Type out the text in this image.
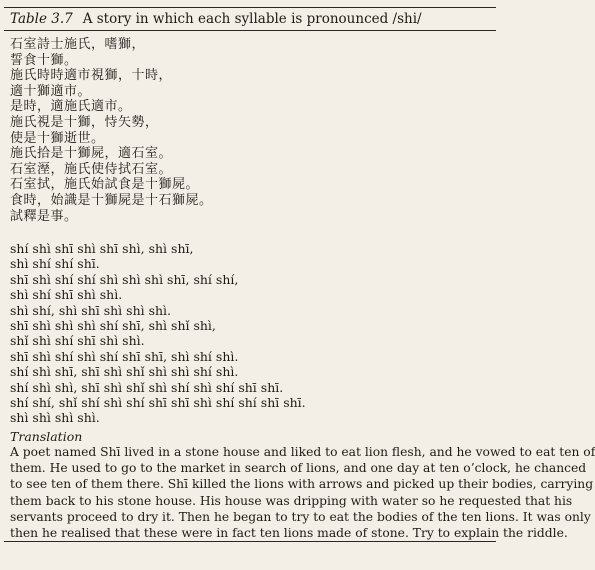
Table 3.7 A story in which each syllable is pronounced /shi/
石室詩士施氏，嗜獅，
誓食十獅。
施氏時時適市視獅，十時，
適十獅適市。
是時，適施氏適市。
施氏視是十獅，恃矢勢，
使是十獅逝世。
施氏拾是十獅屍，適石室。
石室溼，施氏使侍拭石室。
石室拭，施氏始試食是十獅屍。
食時，始識是十獅屍是十石獅屍。
試釋是事。
shí shì shī shì shī shì, shì shī,
shì shí shí shī.
shī shì shí shí shì shì shì shī, shí shí,
shì shí shī shì shì.
shì shí, shì shī shì shì shì.
shī shì shì shì shí shī, shì shǐ shì,
shǐ shì shí shī shì shì.
shī shì shí shì shí shī shī, shì shí shì.
shí shì shī, shī shì shǐ shì shì shí shì.
shí shì shì, shī shì shǐ shì shí shì shí shī shī.
shí shí, shǐ shí shì shí shī shī shì shí shí shī shī.
shì shì shì shì.
Translation
A poet named Shī lived in a stone house and liked to eat lion flesh, and he vowed to eat ten of
them. He used to go to the market in search of lions, and one day at ten o’clock, he chanced
to see ten of them there. Shī killed the lions with arrows and picked up their bodies, carrying
them back to his stone house. His house was dripping with water so he requested that his
servants proceed to dry it. Then he began to try to eat the bodies of the ten lions. It was only
then he realised that these were in fact ten lions made of stone. Try to explain the riddle.
